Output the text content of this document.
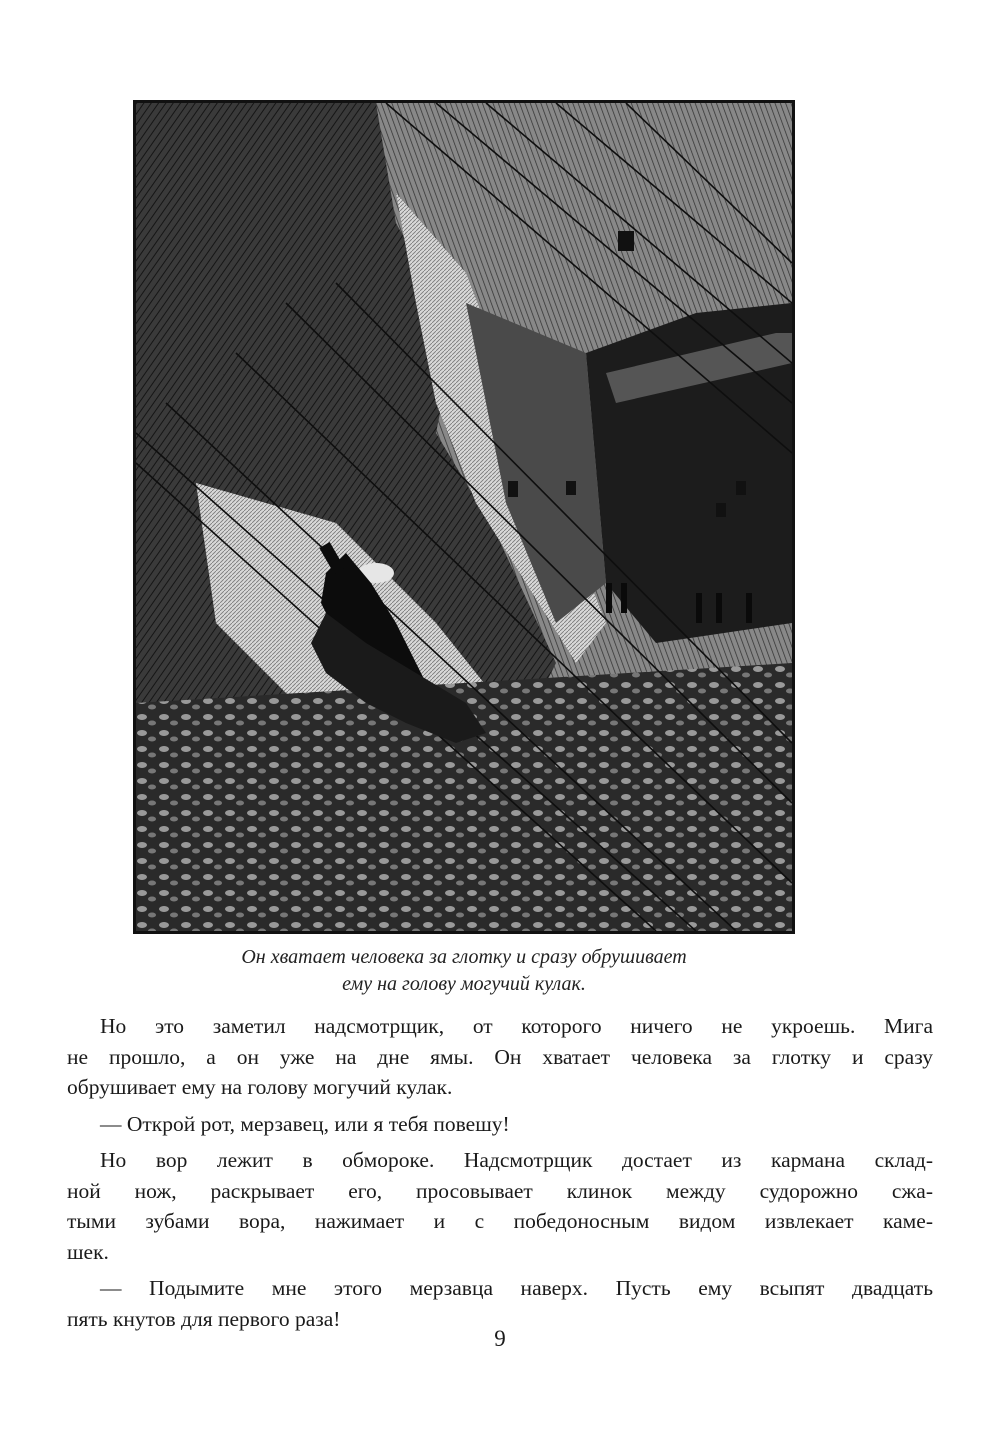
Он хватает человека за глотку и сразу обрушивает
ему на голову могучий кулак.
Но это заметил надсмотрщик, от которого ничего не укроешь. Мига
не прошло, а он уже на дне ямы. Он хватает человека за глотку и сразу
обрушивает ему на голову могучий кулак.
— Открой рот, мерзавец, или я тебя повешу!
Но вор лежит в обмороке. Надсмотрщик достает из кармана склад-
ной нож, раскрывает его, просовывает клинок между судорожно сжа-
тыми зубами вора, нажимает и с победоносным видом извлекает каме-
шек.
— Подымите мне этого мерзавца наверх. Пусть ему всыпят двадцать
пять кнутов для первого раза!
9
